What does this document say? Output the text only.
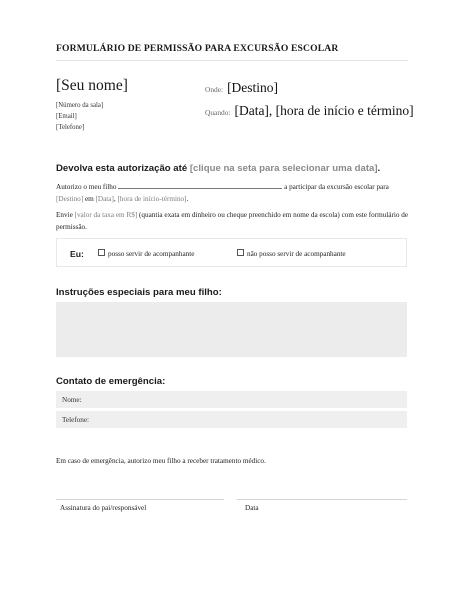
FORMULÁRIO DE PERMISSÃO PARA EXCURSÃO ESCOLAR
[Seu nome]
[Número da sala]
[Email]
[Telefone]
Onde: [Destino]
Quando: [Data], [hora de início e término]
Devolva esta autorização até [clique na seta para selecionar uma data].
Autorizo o meu filho	a participar da excursão escolar para
[Destino] em [Data], [hora de início-término].
Envie [valor da taxa em R$] (quantia exata em dinheiro ou cheque preenchido em nome da escola) com este formulário de permissão.
Eu:	posso servir de acompanhante	não posso servir de acompanhante
Instruções especiais para meu filho:
Contato de emergência:
Nome:
Telefone:
Em caso de emergência, autorizo meu filho a receber tratamento médico.
Assinatura do pai/responsável	Data
